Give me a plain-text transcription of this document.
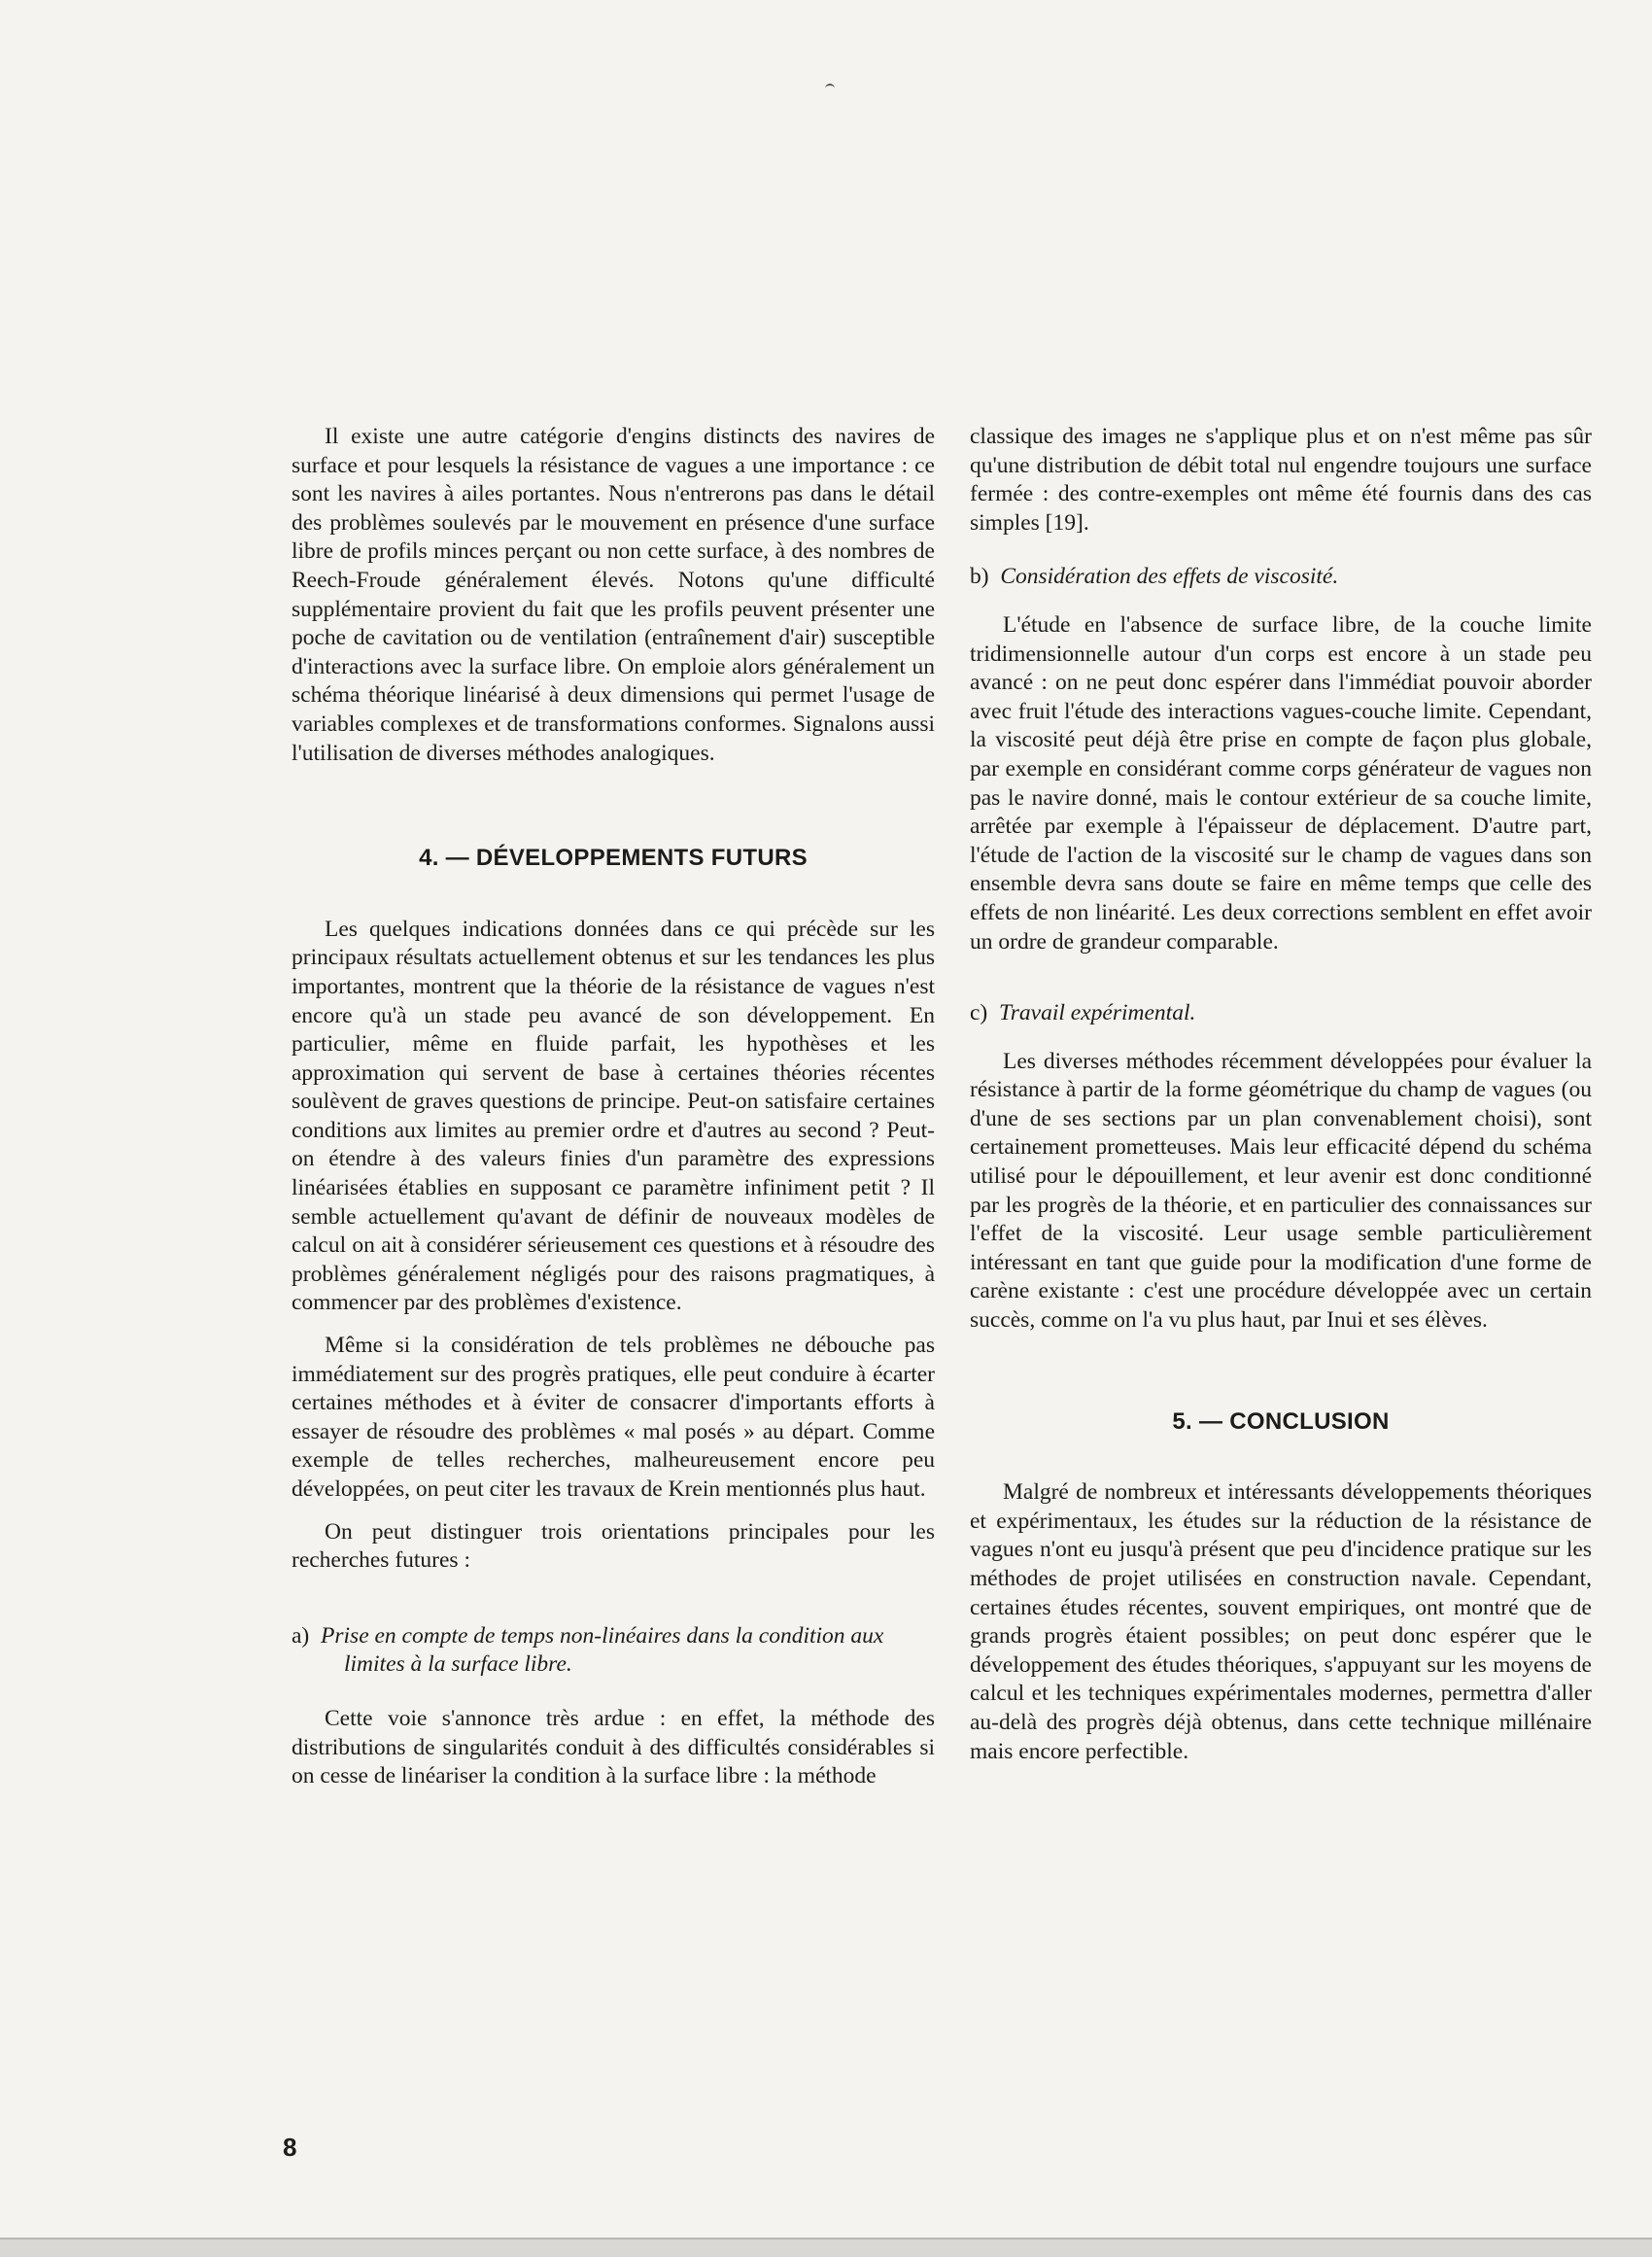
Il existe une autre catégorie d'engins distincts des navires de surface et pour lesquels la résistance de vagues a une importance : ce sont les navires à ailes portantes. Nous n'entrerons pas dans le détail des problèmes soulevés par le mouvement en présence d'une surface libre de profils minces perçant ou non cette surface, à des nombres de Reech-Froude généralement élevés. Notons qu'une difficulté supplémentaire provient du fait que les profils peuvent présenter une poche de cavitation ou de ventilation (entraînement d'air) susceptible d'interactions avec la surface libre. On emploie alors généralement un schéma théorique linéarisé à deux dimensions qui permet l'usage de variables complexes et de transformations conformes. Signalons aussi l'utilisation de diverses méthodes analogiques.

4. — DÉVELOPPEMENTS FUTURS

Les quelques indications données dans ce qui précède sur les principaux résultats actuellement obtenus et sur les tendances les plus importantes, montrent que la théorie de la résistance de vagues n'est encore qu'à un stade peu avancé de son développement. En particulier, même en fluide parfait, les hypothèses et les approximation qui servent de base à certaines théories récentes soulèvent de graves questions de principe. Peut-on satisfaire certaines conditions aux limites au premier ordre et d'autres au second ? Peut-on étendre à des valeurs finies d'un paramètre des expressions linéarisées établies en supposant ce paramètre infiniment petit ? Il semble actuellement qu'avant de définir de nouveaux modèles de calcul on ait à considérer sérieusement ces questions et à résoudre des problèmes généralement négligés pour des raisons pragmatiques, à commencer par des problèmes d'existence.

Même si la considération de tels problèmes ne débouche pas immédiatement sur des progrès pratiques, elle peut conduire à écarter certaines méthodes et à éviter de consacrer d'importants efforts à essayer de résoudre des problèmes « mal posés » au départ. Comme exemple de telles recherches, malheureusement encore peu développées, on peut citer les travaux de Krein mentionnés plus haut.

On peut distinguer trois orientations principales pour les recherches futures :

a) Prise en compte de temps non-linéaires dans la condition aux limites à la surface libre.

Cette voie s'annonce très ardue : en effet, la méthode des distributions de singularités conduit à des difficultés considérables si on cesse de linéariser la condition à la surface libre : la méthode

classique des images ne s'applique plus et on n'est même pas sûr qu'une distribution de débit total nul engendre toujours une surface fermée : des contre-exemples ont même été fournis dans des cas simples [19].

b) Considération des effets de viscosité.

L'étude en l'absence de surface libre, de la couche limite tridimensionnelle autour d'un corps est encore à un stade peu avancé : on ne peut donc espérer dans l'immédiat pouvoir aborder avec fruit l'étude des interactions vagues-couche limite. Cependant, la viscosité peut déjà être prise en compte de façon plus globale, par exemple en considérant comme corps générateur de vagues non pas le navire donné, mais le contour extérieur de sa couche limite, arrêtée par exemple à l'épaisseur de déplacement. D'autre part, l'étude de l'action de la viscosité sur le champ de vagues dans son ensemble devra sans doute se faire en même temps que celle des effets de non linéarité. Les deux corrections semblent en effet avoir un ordre de grandeur comparable.

c) Travail expérimental.

Les diverses méthodes récemment développées pour évaluer la résistance à partir de la forme géométrique du champ de vagues (ou d'une de ses sections par un plan convenablement choisi), sont certainement prometteuses. Mais leur efficacité dépend du schéma utilisé pour le dépouillement, et leur avenir est donc conditionné par les progrès de la théorie, et en particulier des connaissances sur l'effet de la viscosité. Leur usage semble particulièrement intéressant en tant que guide pour la modification d'une forme de carène existante : c'est une procédure développée avec un certain succès, comme on l'a vu plus haut, par Inui et ses élèves.

5. — CONCLUSION

Malgré de nombreux et intéressants développements théoriques et expérimentaux, les études sur la réduction de la résistance de vagues n'ont eu jusqu'à présent que peu d'incidence pratique sur les méthodes de projet utilisées en construction navale. Cependant, certaines études récentes, souvent empiriques, ont montré que de grands progrès étaient possibles; on peut donc espérer que le développement des études théoriques, s'appuyant sur les moyens de calcul et les techniques expérimentales modernes, permettra d'aller au-delà des progrès déjà obtenus, dans cette technique millénaire mais encore perfectible.

8
